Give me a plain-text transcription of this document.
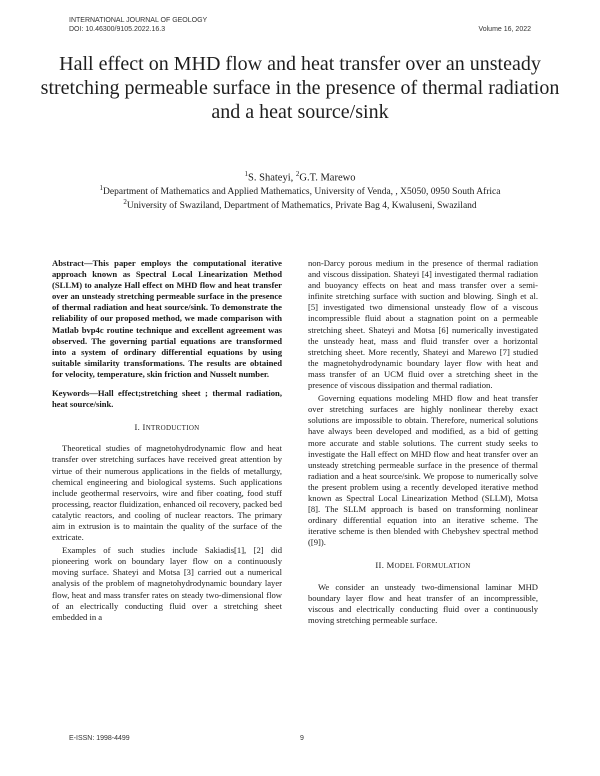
INTERNATIONAL JOURNAL OF GEOLOGY
DOI: 10.46300/9105.2022.16.3	Volume 16, 2022
Hall effect on MHD flow and heat transfer over an unsteady stretching permeable surface in the presence of thermal radiation and a heat source/sink
$^1$S. Shateyi, $^2$G.T. Marewo
$^1$Department of Mathematics and Applied Mathematics, University of Venda, , X5050, 0950 South Africa
$^2$University of Swaziland, Department of Mathematics, Private Bag 4, Kwaluseni, Swaziland

Abstract—This paper employs the computational iterative approach known as Spectral Local Linearization Method (SLLM) to analyze Hall effect on MHD flow and heat transfer over an unsteady stretching permeable surface in the presence of thermal radiation and heat source/sink. To demonstrate the reliability of our proposed method, we made comparison with Matlab bvp4c routine technique and excellent agreement was observed. The governing partial equations are transformed into a system of ordinary differential equations by using suitable similarity transformations. The results are obtained for velocity, temperature, skin friction and Nusselt number.

Keywords—Hall effect;stretching sheet ; thermal radiation, heat source/sink.

I. INTRODUCTION

Theoretical studies of magnetohydrodynamic flow and heat transfer over stretching surfaces have received great attention by virtue of their numerous applications in the fields of metallurgy, chemical engineering and biological systems. Such applications include geothermal reservoirs, wire and fiber coating, food stuff processing, reactor fluidization, enhanced oil recovery, packed bed catalytic reactors, and cooling of nuclear reactors. The primary aim in extrusion is to maintain the quality of the surface of the extricate.

Examples of such studies include Sakiadis[1], [2] did pioneering work on boundary layer flow on a continuously moving surface. Shateyi and Motsa [3] carried out a numerical analysis of the problem of magnetohydrodynamic boundary layer flow, heat and mass transfer rates on steady two-dimensional flow of an electrically conducting fluid over a stretching sheet embedded in a

non-Darcy porous medium in the presence of thermal radiation and viscous dissipation. Shateyi [4] investigated thermal radiation and buoyancy effects on heat and mass transfer over a semi-infinite stretching surface with suction and blowing. Singh et al. [5] investigated two dimensional unsteady flow of a viscous incompressible fluid about a stagnation point on a permeable stretching sheet. Shateyi and Motsa [6] numerically investigated the unsteady heat, mass and fluid transfer over a horizontal stretching sheet. More recently, Shateyi and Marewo [7] studied the magnetohydrodynamic boundary layer flow with heat and mass transfer of an UCM fluid over a stretching sheet in the presence of viscous dissipation and thermal radiation.

Governing equations modeling MHD flow and heat transfer over stretching surfaces are highly nonlinear thereby exact solutions are impossible to obtain. Therefore, numerical solutions have always been developed and modified, as a bid of getting more accurate and stable solutions. The current study seeks to investigate the Hall effect on MHD flow and heat transfer over an unsteady stretching permeable surface in the presence of thermal radiation and a heat source/sink. We propose to numerically solve the present problem using a recently developed iterative method known as Spectral Local Linearization Method (SLLM), Motsa [8]. The SLLM approach is based on transforming nonlinear ordinary differential equation into an iterative scheme. The iterative scheme is then blended with Chebyshev spectral method ([9]).

II. MODEL FORMULATION

We consider an unsteady two-dimensional laminar MHD boundary layer flow and heat transfer of an incompressible, viscous and electrically conducting fluid over a continuously moving stretching permeable surface.

E-ISSN: 1998-4499	9
